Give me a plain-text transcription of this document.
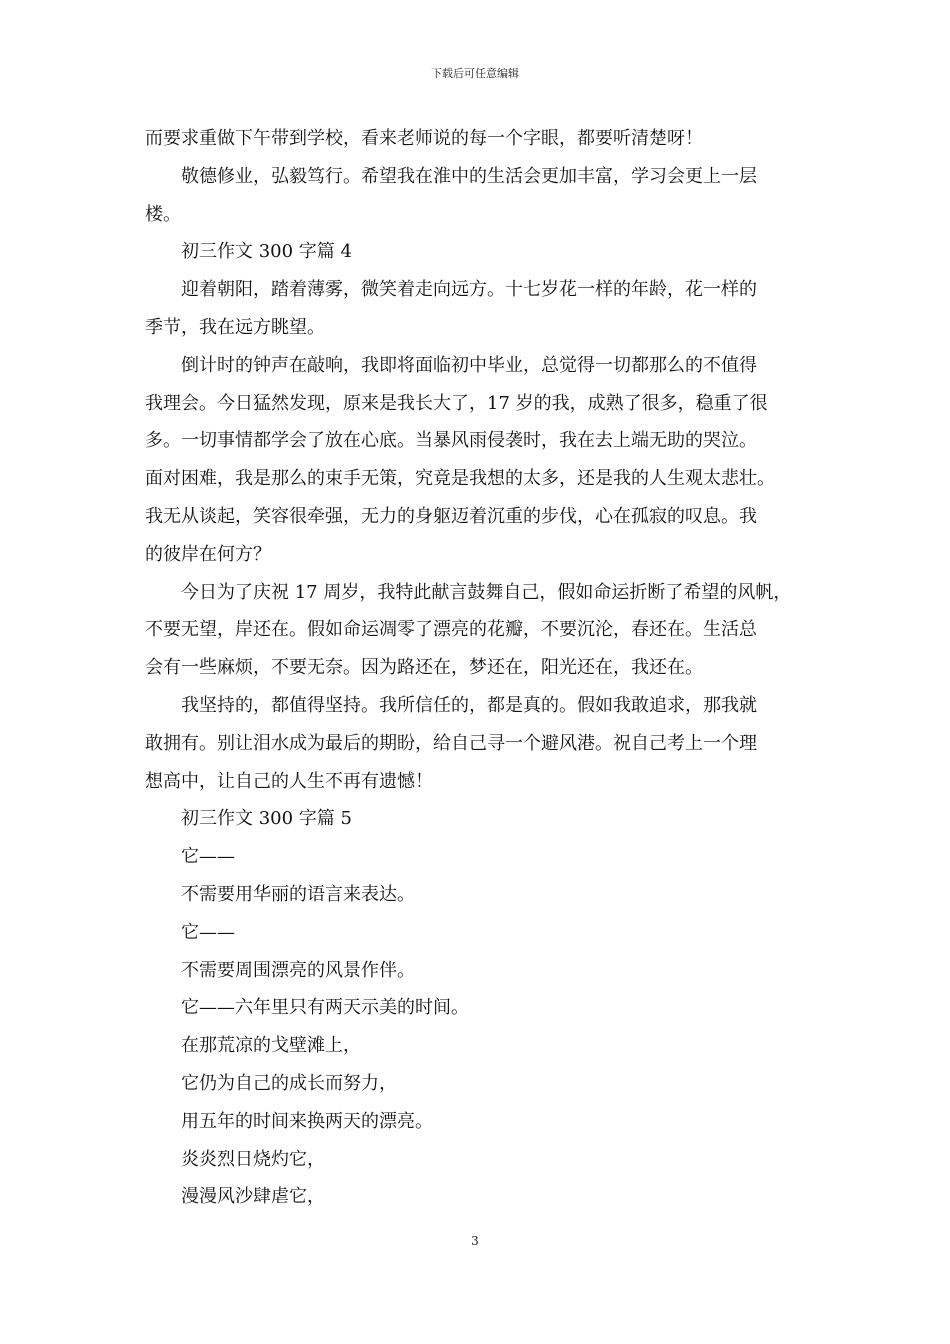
下载后可任意编辑
而要求重做下午带到学校，看来老师说的每一个字眼，都要听清楚呀！
敬德修业，弘毅笃行。希望我在淮中的生活会更加丰富，学习会更上一层
楼。
初三作文 300 字篇 4
迎着朝阳，踏着薄雾，微笑着走向远方。十七岁花一样的年龄，花一样的
季节，我在远方眺望。
倒计时的钟声在敲响，我即将面临初中毕业，总觉得一切都那么的不值得
我理会。今日猛然发现，原来是我长大了，17 岁的我，成熟了很多，稳重了很
多。一切事情都学会了放在心底。当暴风雨侵袭时，我在去上端无助的哭泣。
面对困难，我是那么的束手无策，究竟是我想的太多，还是我的人生观太悲壮。
我无从谈起，笑容很牵强，无力的身躯迈着沉重的步伐，心在孤寂的叹息。我
的彼岸在何方？
今日为了庆祝 17 周岁，我特此献言鼓舞自己，假如命运折断了希望的风帆，
不要无望，岸还在。假如命运凋零了漂亮的花瓣，不要沉沦，春还在。生活总
会有一些麻烦，不要无奈。因为路还在，梦还在，阳光还在，我还在。
我坚持的，都值得坚持。我所信任的，都是真的。假如我敢追求，那我就
敢拥有。别让泪水成为最后的期盼，给自己寻一个避风港。祝自己考上一个理
想高中，让自己的人生不再有遗憾！
初三作文 300 字篇 5
它——
不需要用华丽的语言来表达。
它——
不需要周围漂亮的风景作伴。
它——六年里只有两天示美的时间。
在那荒凉的戈壁滩上，
它仍为自己的成长而努力，
用五年的时间来换两天的漂亮。
炎炎烈日烧灼它，
漫漫风沙肆虐它，
3
